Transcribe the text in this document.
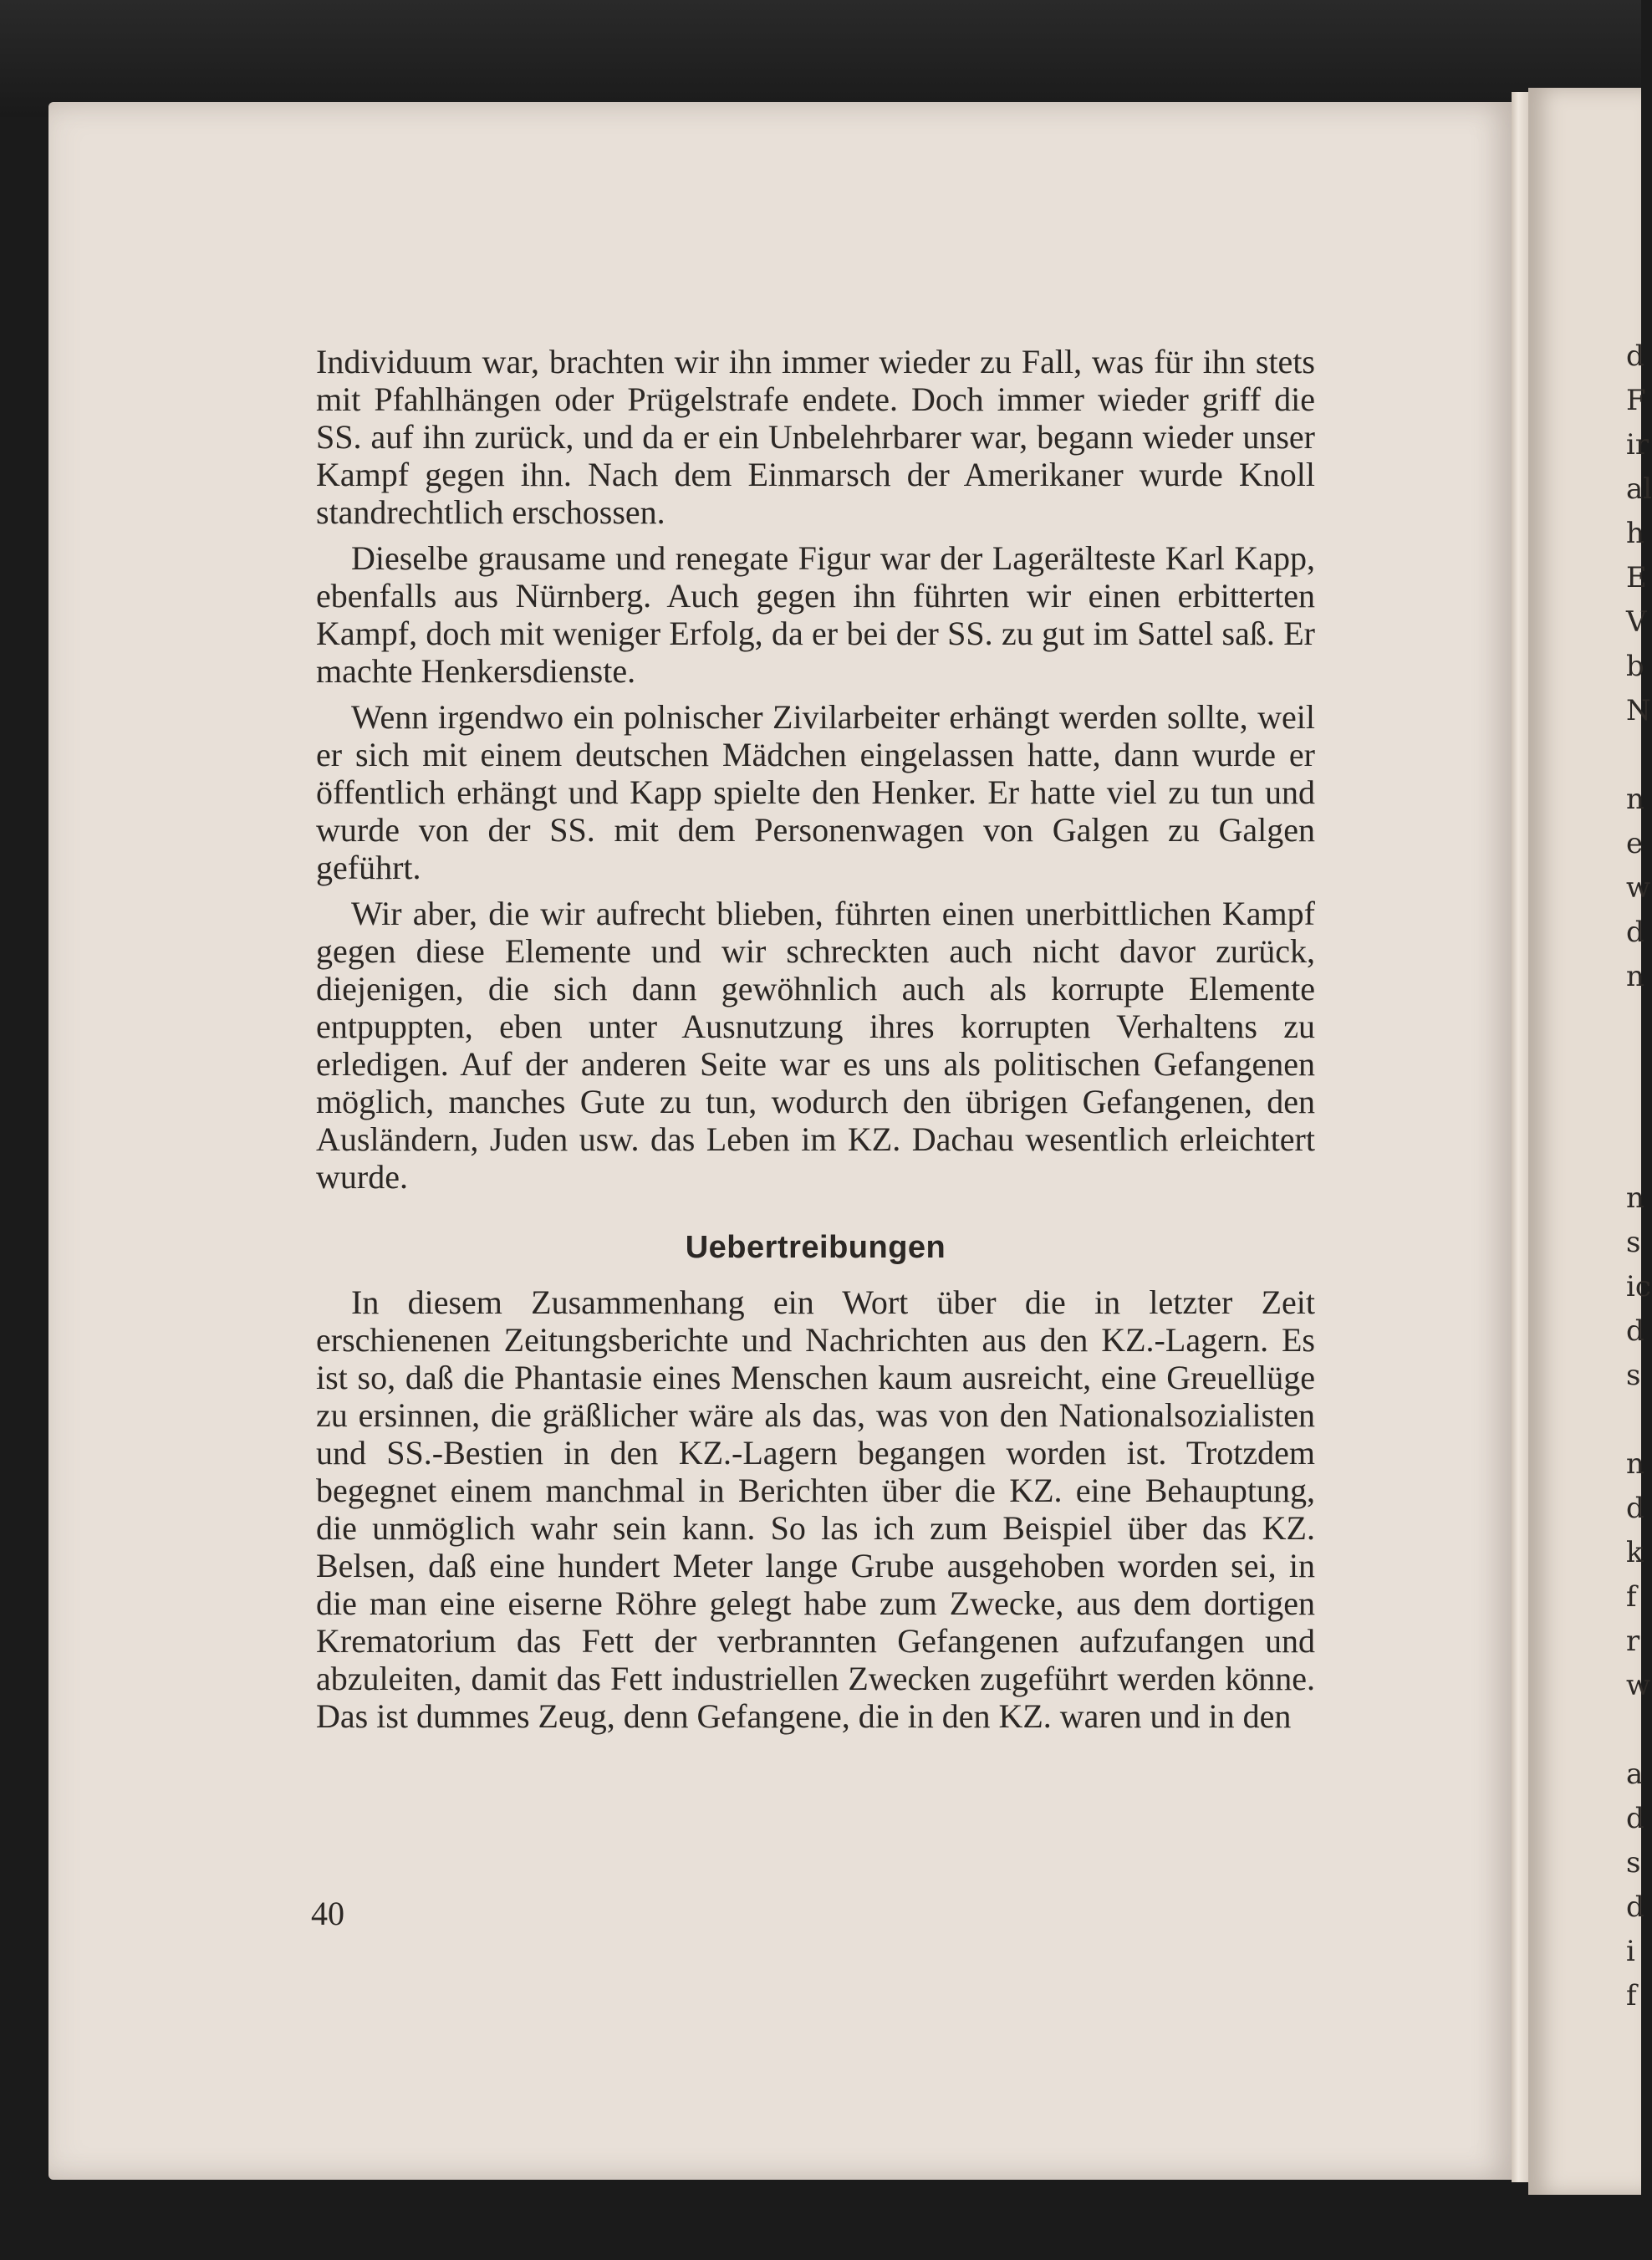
d
F
ir
al
h
E
V
b
N
n
e
w
d
n
n
s
ic
d
s
n
d
k
f
r
w
a
d
s
d
i
f

Individuum war, brachten wir ihn immer wieder zu Fall, was für ihn stets mit Pfahlhängen oder Prügelstrafe endete. Doch immer wieder griff die SS. auf ihn zurück, und da er ein Unbelehrbarer war, begann wieder unser Kampf gegen ihn. Nach dem Einmarsch der Amerikaner wurde Knoll standrechtlich erschossen.

Dieselbe grausame und renegate Figur war der Lagerälteste Karl Kapp, ebenfalls aus Nürnberg. Auch gegen ihn führten wir einen erbitterten Kampf, doch mit weniger Erfolg, da er bei der SS. zu gut im Sattel saß. Er machte Henkersdienste.

Wenn irgendwo ein polnischer Zivilarbeiter erhängt werden sollte, weil er sich mit einem deutschen Mädchen eingelassen hatte, dann wurde er öffentlich erhängt und Kapp spielte den Henker. Er hatte viel zu tun und wurde von der SS. mit dem Personenwagen von Galgen zu Galgen geführt.

Wir aber, die wir aufrecht blieben, führten einen unerbittlichen Kampf gegen diese Elemente und wir schreckten auch nicht davor zurück, diejenigen, die sich dann gewöhnlich auch als korrupte Elemente entpuppten, eben unter Ausnutzung ihres korrupten Verhaltens zu erledigen. Auf der anderen Seite war es uns als politischen Gefangenen möglich, manches Gute zu tun, wodurch den übrigen Gefangenen, den Ausländern, Juden usw. das Leben im KZ. Dachau wesentlich erleichtert wurde.

Uebertreibungen

In diesem Zusammenhang ein Wort über die in letzter Zeit erschienenen Zeitungsberichte und Nachrichten aus den KZ.-Lagern. Es ist so, daß die Phantasie eines Menschen kaum ausreicht, eine Greuellüge zu ersinnen, die gräßlicher wäre als das, was von den Nationalsozialisten und SS.-Bestien in den KZ.-Lagern begangen worden ist. Trotzdem begegnet einem manchmal in Berichten über die KZ. eine Behauptung, die unmöglich wahr sein kann. So las ich zum Beispiel über das KZ. Belsen, daß eine hundert Meter lange Grube ausgehoben worden sei, in die man eine eiserne Röhre gelegt habe zum Zwecke, aus dem dortigen Krematorium das Fett der verbrannten Gefangenen aufzufangen und abzuleiten, damit das Fett industriellen Zwecken zugeführt werden könne. Das ist dummes Zeug, denn Gefangene, die in den KZ. waren und in den

40
